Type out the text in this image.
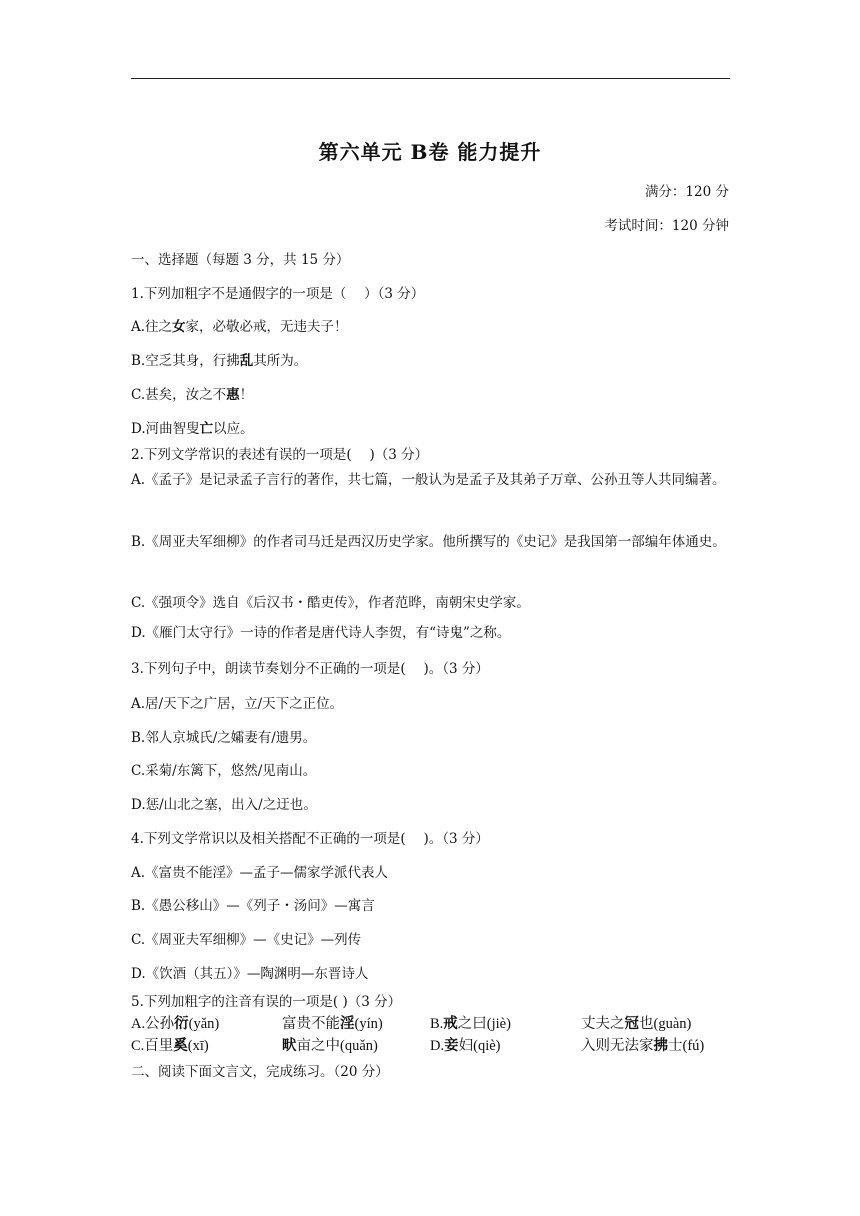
第六单元 B卷 能力提升
满分：120 分
考试时间：120 分钟
一、选择题（每题 3 分，共 15 分）
1.下列加粗字不是通假字的一项是（　 ）（3 分）
A.往之女家，必敬必戒，无违夫子！
B.空乏其身，行拂乱其所为。
C.甚矣，汝之不惠！
D.河曲智叟亡以应。
2.下列文学常识的表述有误的一项是(　 )（3 分）
A.《孟子》是记录孟子言行的著作，共七篇，一般认为是孟子及其弟子万章、公孙丑等人共同编著。
B.《周亚夫军细柳》的作者司马迁是西汉历史学家。他所撰写的《史记》是我国第一部编年体通史。
C.《强项令》选自《后汉书・酷吏传》，作者范晔，南朝宋史学家。
D.《雁门太守行》一诗的作者是唐代诗人李贺，有“诗鬼”之称。
3.下列句子中，朗读节奏划分不正确的一项是(　 )。（3 分）
A.居/天下之广居，立/天下之正位。
B.邻人京城氏/之孀妻有/遗男。
C.采菊/东篱下，悠然/见南山。
D.惩/山北之塞，出入/之迂也。
4.下列文学常识以及相关搭配不正确的一项是(　 )。（3 分）
A.《富贵不能淫》—孟子—儒家学派代表人
B.《愚公移山》—《列子・汤问》—寓言
C.《周亚夫军细柳》—《史记》—列传
D.《饮酒（其五）》—陶渊明—东晋诗人
5.下列加粗字的注音有误的一项是( )（3 分）
A.公孙衍(yǎn)	富贵不能淫(yín)	B.戒之曰(jiè)	丈夫之冠也(guàn)
C.百里奚(xī)	畎亩之中(quǎn)	D.妾妇(qiè)	入则无法家拂士(fú)
二、阅读下面文言文，完成练习。（20 分）
